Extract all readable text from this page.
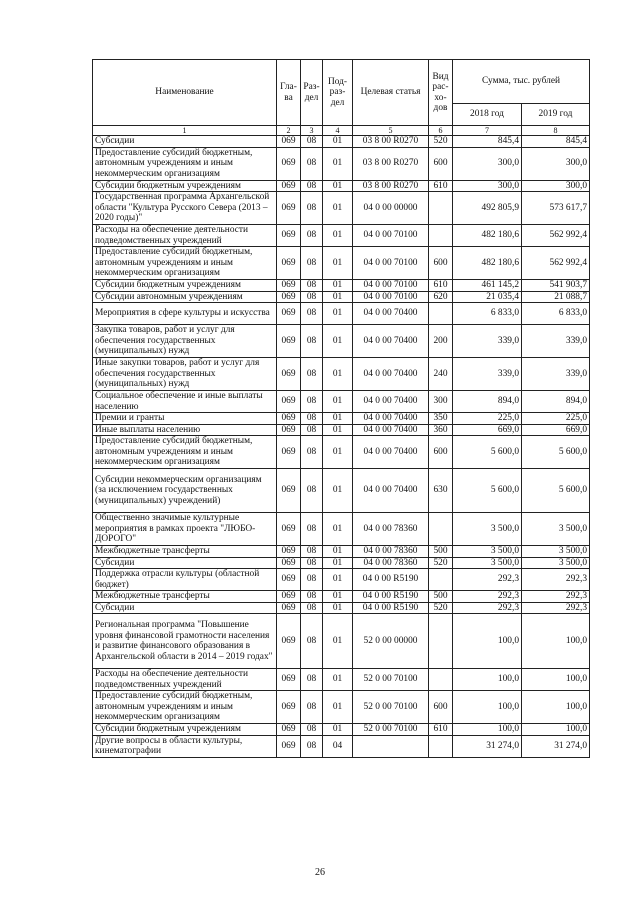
Наименование	Гла-ва	Раз-дел	Под-раз-дел	Целевая статья	Вид рас-хо-дов	Сумма, тыс. рублей	
						2018 год	2019 год
1	2	3	4	5	6	7	8
Субсидии	069	08	01	03 8 00 R0270	520	845,4	845,4
Предоставление субсидий бюджетным, автономным учреждениям и иным некоммерческим организациям	069	08	01	03 8 00 R0270	600	300,0	300,0
Субсидии бюджетным учреждениям	069	08	01	03 8 00 R0270	610	300,0	300,0
Государственная программа Архангельской области "Культура Русского Севера (2013 – 2020 годы)"	069	08	01	04 0 00 00000		492 805,9	573 617,7
Расходы на обеспечение деятельности подведомственных учреждений	069	08	01	04 0 00 70100		482 180,6	562 992,4
Предоставление субсидий бюджетным, автономным учреждениям и иным некоммерческим организациям	069	08	01	04 0 00 70100	600	482 180,6	562 992,4
Субсидии бюджетным учреждениям	069	08	01	04 0 00 70100	610	461 145,2	541 903,7
Субсидии автономным учреждениям	069	08	01	04 0 00 70100	620	21 035,4	21 088,7
Мероприятия в сфере культуры и искусства	069	08	01	04 0 00 70400		6 833,0	6 833,0
Закупка товаров, работ и услуг для обеспечения государственных (муниципальных) нужд	069	08	01	04 0 00 70400	200	339,0	339,0
Иные закупки товаров, работ и услуг для обеспечения государственных (муниципальных) нужд	069	08	01	04 0 00 70400	240	339,0	339,0
Социальное обеспечение и иные выплаты населению	069	08	01	04 0 00 70400	300	894,0	894,0
Премии и гранты	069	08	01	04 0 00 70400	350	225,0	225,0
Иные выплаты населению	069	08	01	04 0 00 70400	360	669,0	669,0
Предоставление субсидий бюджетным, автономным учреждениям и иным некоммерческим организациям	069	08	01	04 0 00 70400	600	5 600,0	5 600,0
Субсидии некоммерческим организациям (за исключением государственных (муниципальных) учреждений)	069	08	01	04 0 00 70400	630	5 600,0	5 600,0
Общественно значимые культурные мероприятия в рамках проекта "ЛЮБО-ДОРОГО"	069	08	01	04 0 00 78360		3 500,0	3 500,0
Межбюджетные трансферты	069	08	01	04 0 00 78360	500	3 500,0	3 500,0
Субсидии	069	08	01	04 0 00 78360	520	3 500,0	3 500,0
Поддержка отрасли культуры (областной бюджет)	069	08	01	04 0 00 R5190		292,3	292,3
Межбюджетные трансферты	069	08	01	04 0 00 R5190	500	292,3	292,3
Субсидии	069	08	01	04 0 00 R5190	520	292,3	292,3
Региональная программа "Повышение уровня финансовой грамотности населения и развитие финансового образования в Архангельской области в 2014 – 2019 годах"	069	08	01	52 0 00 00000		100,0	100,0
Расходы на обеспечение деятельности подведомственных учреждений	069	08	01	52 0 00 70100		100,0	100,0
Предоставление субсидий бюджетным, автономным учреждениям и иным некоммерческим организациям	069	08	01	52 0 00 70100	600	100,0	100,0
Субсидии бюджетным учреждениям	069	08	01	52 0 00 70100	610	100,0	100,0
Другие вопросы в области культуры, кинематографии	069	08	04			31 274,0	31 274,0
26
